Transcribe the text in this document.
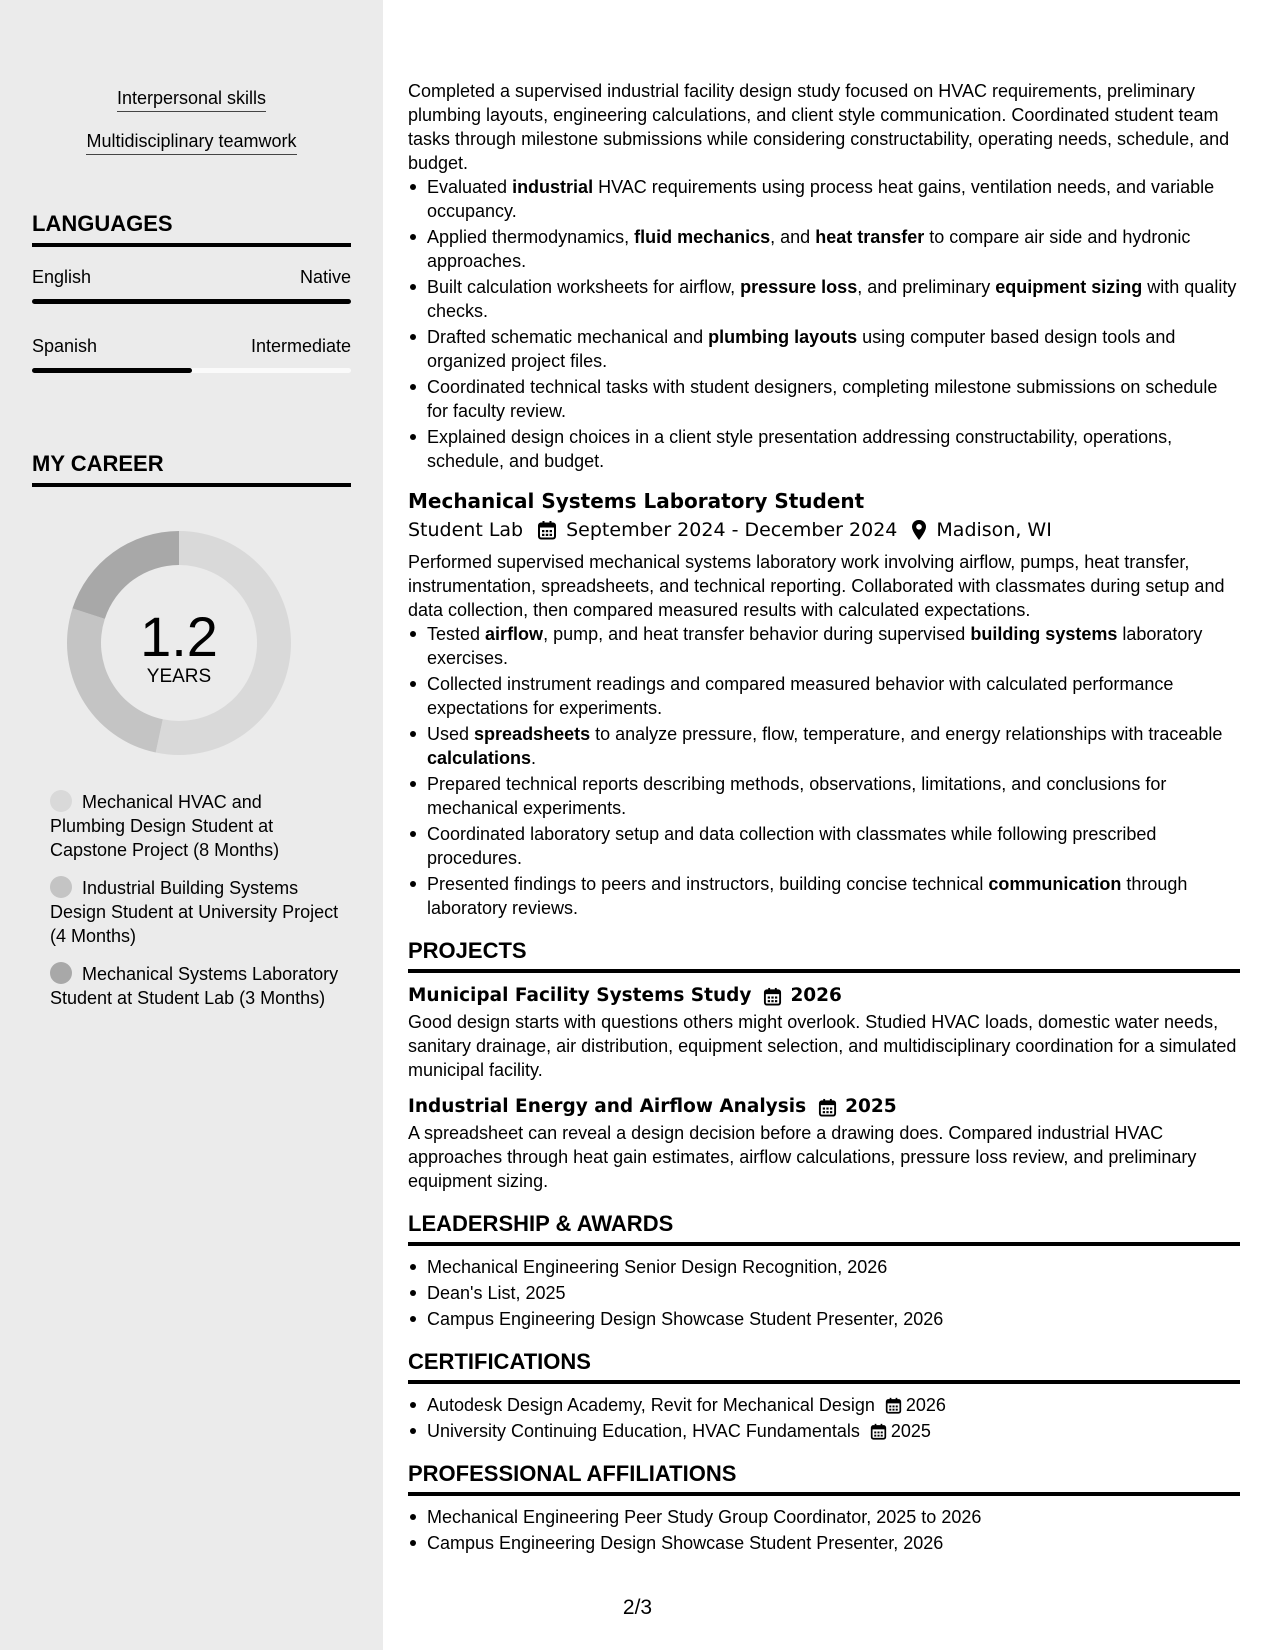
Interpersonal skills
Multidisciplinary teamwork
LANGUAGES
English	Native
Spanish	Intermediate
MY CAREER
1.2
YEARS
Mechanical HVAC and Plumbing Design Student at Capstone Project (8 Months)
Industrial Building Systems Design Student at University Project (4 Months)
Mechanical Systems Laboratory Student at Student Lab (3 Months)

Completed a supervised industrial facility design study focused on HVAC requirements, preliminary plumbing layouts, engineering calculations, and client style communication. Coordinated student team tasks through milestone submissions while considering constructability, operating needs, schedule, and budget.

Evaluated industrial HVAC requirements using process heat gains, ventilation needs, and variable occupancy.
Applied thermodynamics, fluid mechanics, and heat transfer to compare air side and hydronic approaches.
Built calculation worksheets for airflow, pressure loss, and preliminary equipment sizing with quality checks.
Drafted schematic mechanical and plumbing layouts using computer based design tools and organized project files.
Coordinated technical tasks with student designers, completing milestone submissions on schedule for faculty review.
Explained design choices in a client style presentation addressing constructability, operations, schedule, and budget.
Mechanical Systems Laboratory Student
Student Lab September 2024 - December 2024 Madison, WI

Performed supervised mechanical systems laboratory work involving airflow, pumps, heat transfer, instrumentation, spreadsheets, and technical reporting. Collaborated with classmates during setup and data collection, then compared measured results with calculated expectations.

Tested airflow, pump, and heat transfer behavior during supervised building systems laboratory exercises.
Collected instrument readings and compared measured behavior with calculated performance expectations for experiments.
Used spreadsheets to analyze pressure, flow, temperature, and energy relationships with traceable calculations.
Prepared technical reports describing methods, observations, limitations, and conclusions for mechanical experiments.
Coordinated laboratory setup and data collection with classmates while following prescribed procedures.
Presented findings to peers and instructors, building concise technical communication through laboratory reviews.
PROJECTS
Municipal Facility Systems Study 2026

Good design starts with questions others might overlook. Studied HVAC loads, domestic water needs, sanitary drainage, air distribution, equipment selection, and multidisciplinary coordination for a simulated municipal facility.

Industrial Energy and Airflow Analysis 2025

A spreadsheet can reveal a design decision before a drawing does. Compared industrial HVAC approaches through heat gain estimates, airflow calculations, pressure loss review, and preliminary equipment sizing.

LEADERSHIP & AWARDS
Mechanical Engineering Senior Design Recognition, 2026
Dean's List, 2025
Campus Engineering Design Showcase Student Presenter, 2026
CERTIFICATIONS
Autodesk Design Academy, Revit for Mechanical Design 2026
University Continuing Education, HVAC Fundamentals 2025
PROFESSIONAL AFFILIATIONS
Mechanical Engineering Peer Study Group Coordinator, 2025 to 2026
Campus Engineering Design Showcase Student Presenter, 2026
2/3
